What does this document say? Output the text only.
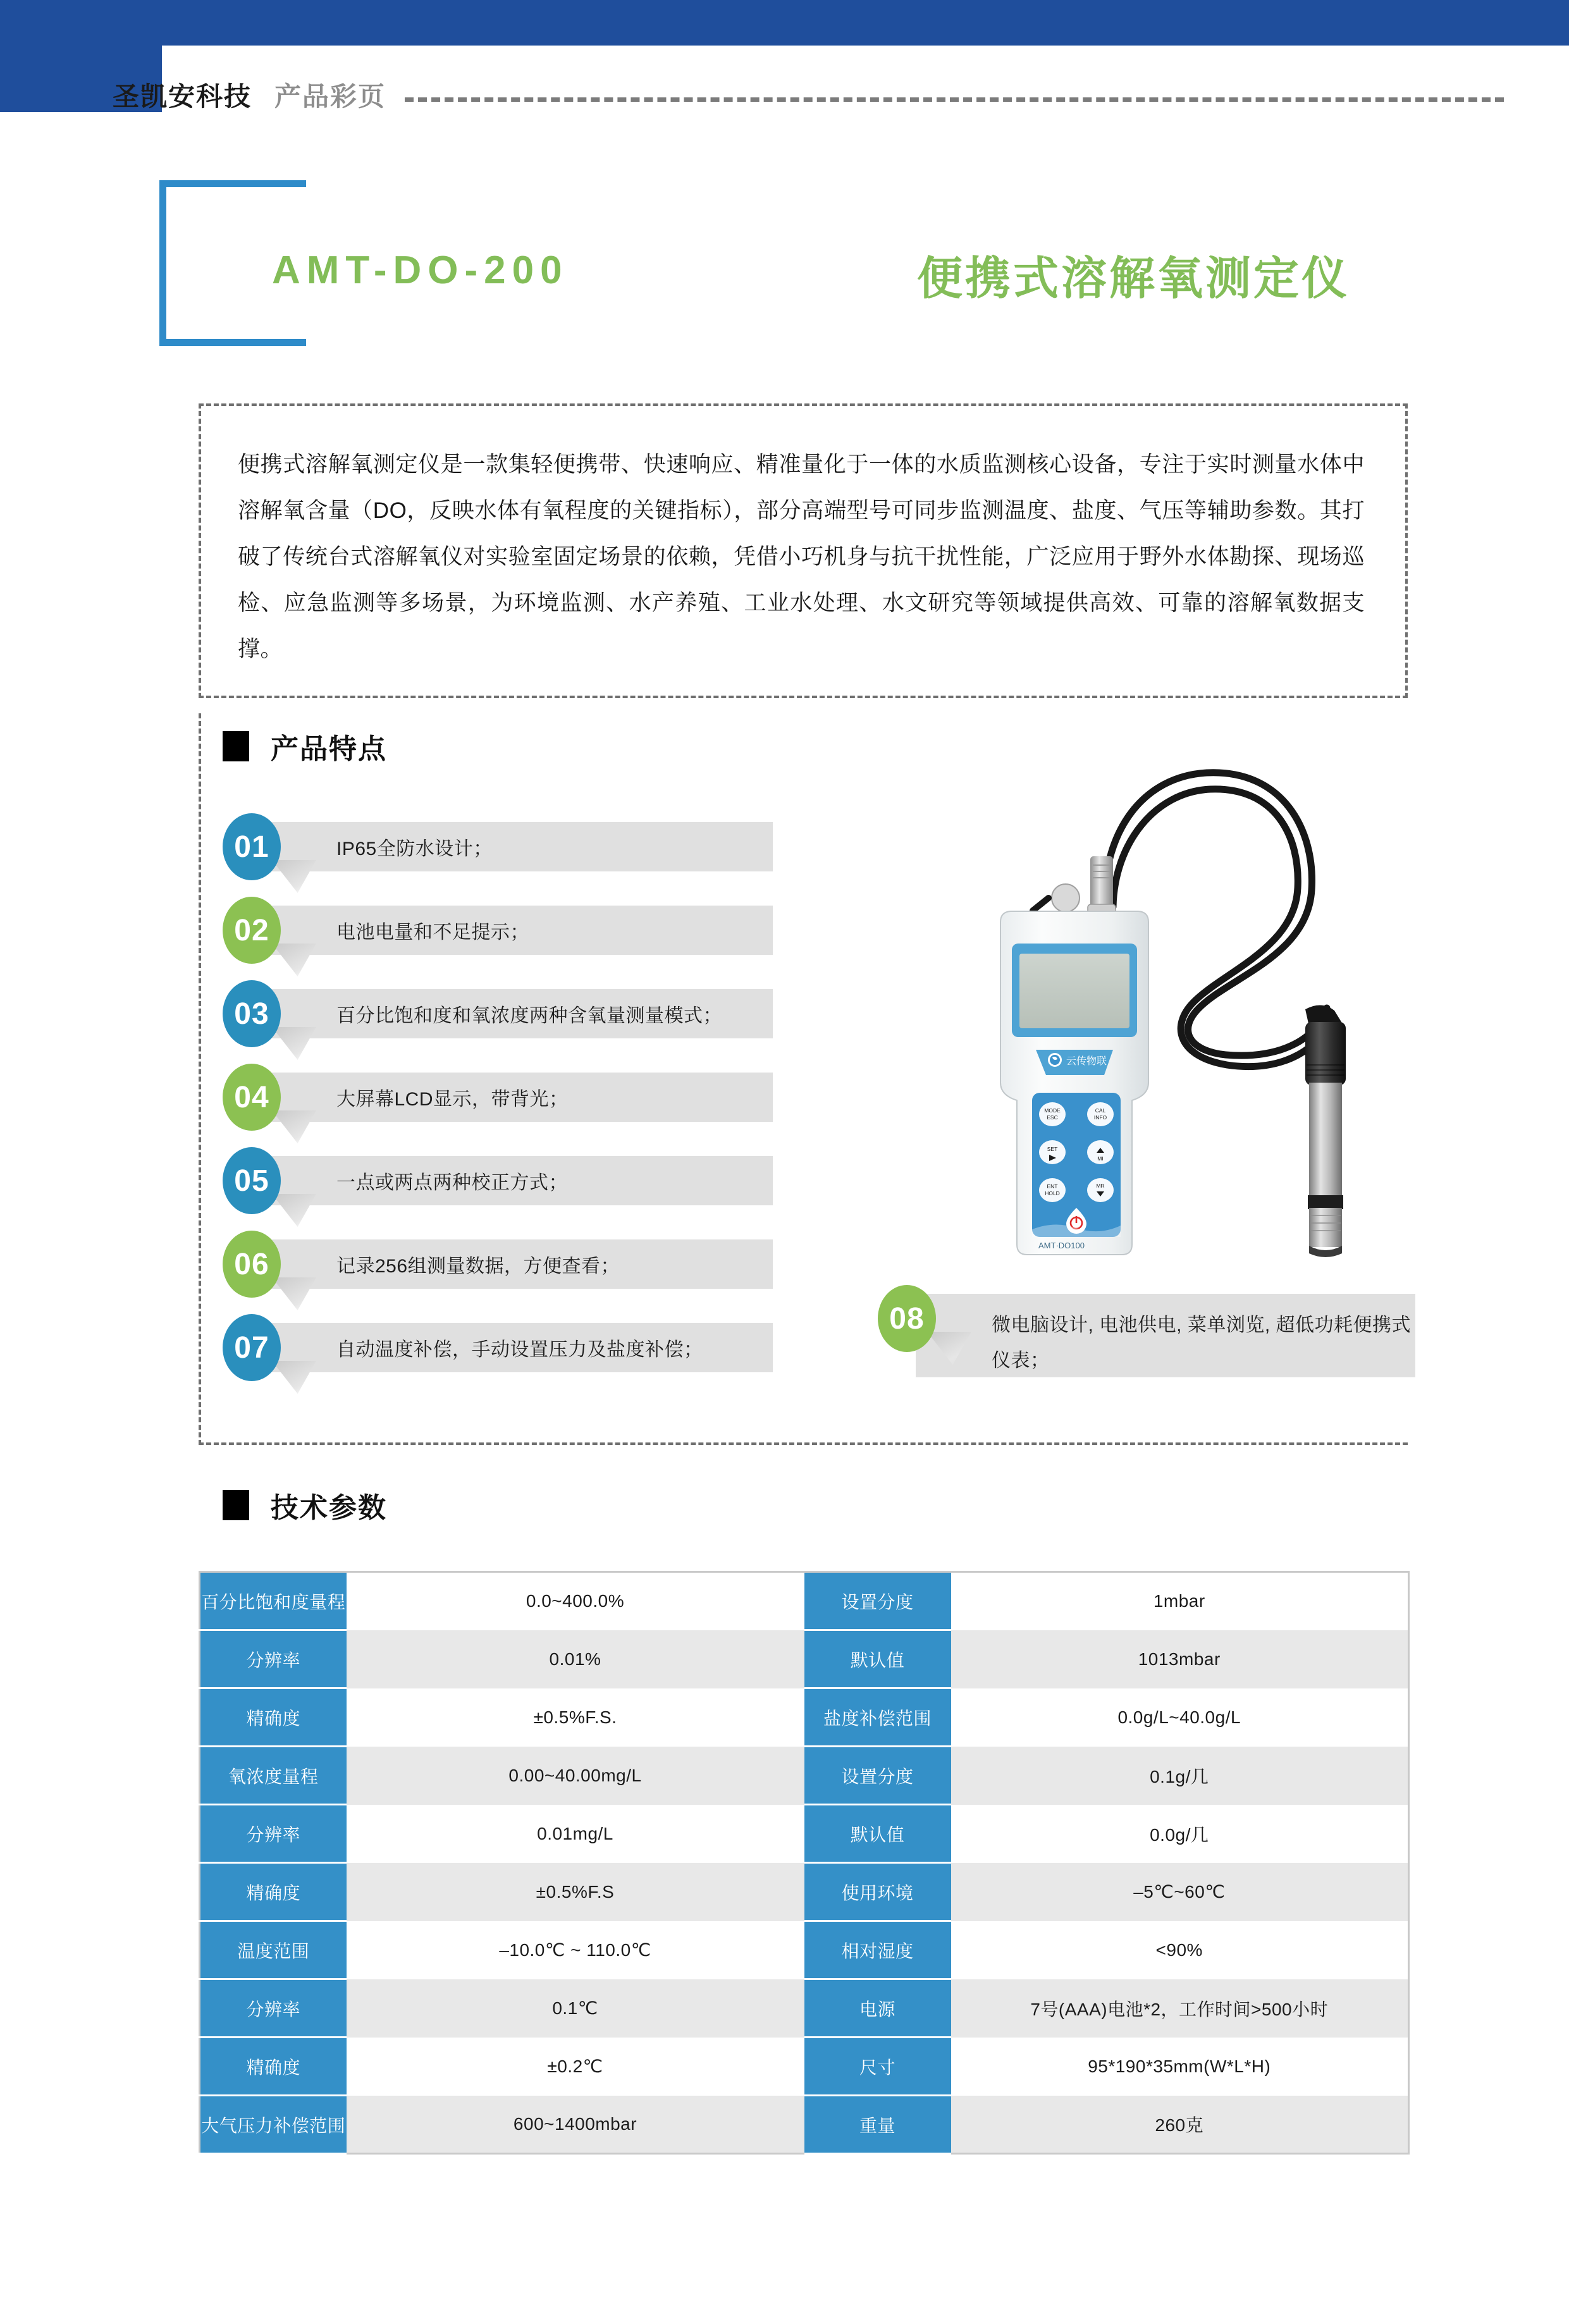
圣凯安科技 产品彩页
AMT-DO-200	便携式溶解氧测定仪
便携式溶解氧测定仪是一款集轻便携带、快速响应、精准量化于一体的水质监测核心设备，专注于实时测量水体中溶解氧含量（DO，反映水体有氧程度的关键指标），部分高端型号可同步监测温度、盐度、气压等辅助参数。其打破了传统台式溶解氧仪对实验室固定场景的依赖，凭借小巧机身与抗干扰性能，广泛应用于野外水体勘探、现场巡检、应急监测等多场景，为环境监测、水产养殖、工业水处理、水文研究等领域提供高效、可靠的溶解氧数据支撑。
产品特点
IP65全防水设计；
01
电池电量和不足提示；
02
百分比饱和度和氧浓度两种含氧量测量模式；
03
大屏幕LCD显示，带背光；
04
一点或两点两种校正方式；
05
记录256组测量数据，方便查看；
06
自动温度补偿，手动设置压力及盐度补偿；
07
微电脑设计, 电池供电, 菜单浏览, 超低功耗便携式仪表；
08
云传物联
MODE
ESC
CAL
INFO
SET
MI
ENT
HOLD
MR
AMT·DO100
技术参数
百分比饱和度量程	0.0~400.0%	设置分度	1mbar
分辨率	0.01%	默认值	1013mbar
精确度	±0.5%F.S.	盐度补偿范围	0.0g/L~40.0g/L
氧浓度量程	0.00~40.00mg/L	设置分度	0.1g/几
分辨率	0.01mg/L	默认值	0.0g/几
精确度	±0.5%F.S	使用环境	–5℃~60℃
温度范围	–10.0℃ ~ 110.0℃	相对湿度	<90%
分辨率	0.1℃	电源	7号(AAA)电池*2，工作时间>500小时
精确度	±0.2℃	尺寸	95*190*35mm(W*L*H)
大气压力补偿范围	600~1400mbar	重量	260克
